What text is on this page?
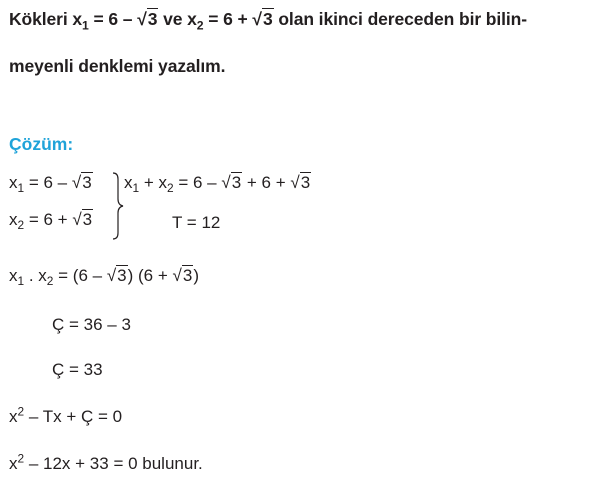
Kökleri $x_1 = 6 - √3$ ve $x_2 = 6 + √3$ olan ikinci dereceden bir bilin-
meyenli denklemi yazalım.
Çözüm:
$x_1 = 6 - √3$
$x_2 = 6 + √3$
$x_1 + x_2 = 6 - √3 + 6 + √3$
T = 12
$x_1$ . $x_2 = (6 - √3) (6 + √3)$
Ç = 36 – 3
Ç = 33
$x^2$ – Tx + Ç = 0
$x^2 - 12x + 33 = 0$ bulunur.
